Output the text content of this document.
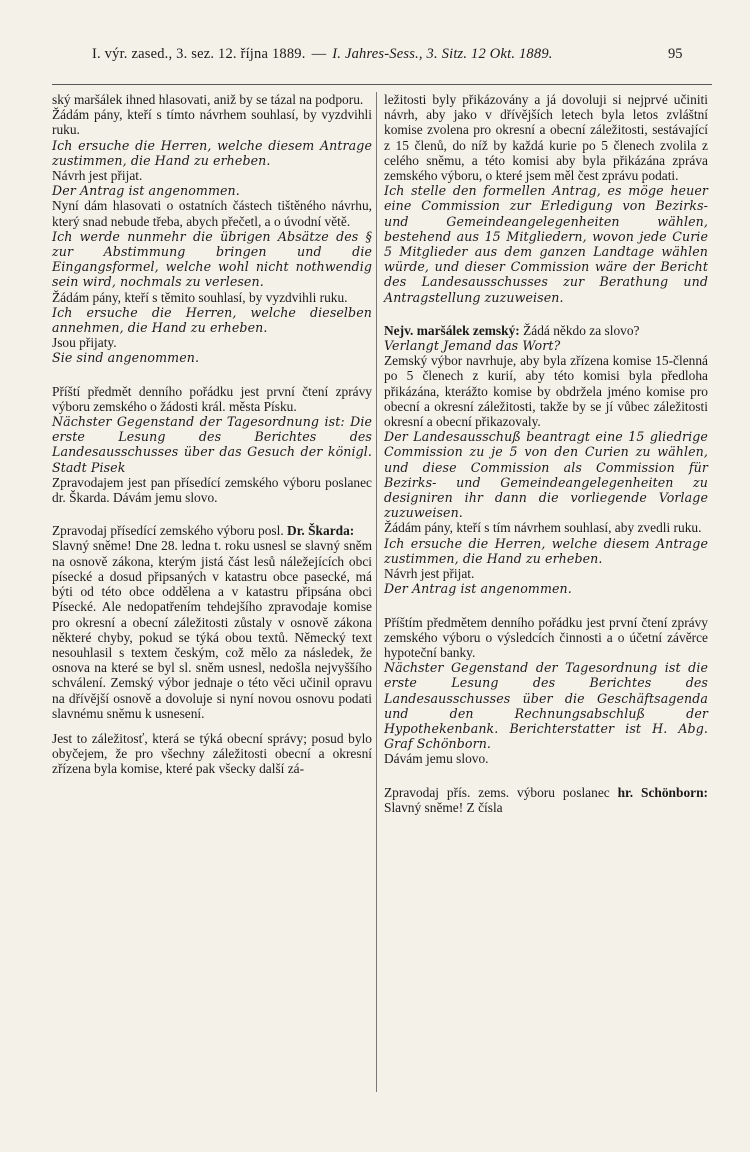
I. výr. zased., 3. sez. 12. října 1889. — I. Jahres-Sess., 3. Sitz. 12 Okt. 1889.	95

ský maršálek ihned hlasovati, aniž by se tázal na podporu.

Žádám pány, kteří s tímto návrhem souhlasí, by vyzdvihli ruku.

Ich ersuche die Herren, welche diesem Antrage zustimmen, die Hand zu erheben.

Návrh jest přijat.

Der Antrag ist angenommen.

Nyní dám hlasovati o ostatních částech tištěného návrhu, který snad nebude třeba, abych přečetl, a o úvodní větě.

Ich werde nunmehr die übrigen Absätze des § zur Abstimmung bringen und die Eingangsformel, welche wohl nicht nothwendig sein wird, nochmals zu verlesen.

Žádám pány, kteří s těmito souhlasí, by vyzdvihli ruku.

Ich ersuche die Herren, welche dieselben annehmen, die Hand zu erheben.

Jsou přijaty.

Sie sind angenommen.

Příští předmět denního pořádku jest první čtení zprávy výboru zemského o žádosti král. města Písku.

Nächster Gegenstand der Tagesordnung ist: Die erste Lesung des Berichtes des Landesausschusses über das Gesuch der königl. Stadt Pisek

Zpravodajem jest pan přísedící zemského výboru poslanec dr. Škarda. Dávám jemu slovo.

Zpravodaj přísedící zemského výboru posl. Dr. Škarda:

Slavný sněme! Dne 28. ledna t. roku usnesl se slavný sněm na osnově zákona, kterým jistá část lesů náležejících obci písecké a dosud připsaných v katastru obce pasecké, má býti od této obce oddělena a v katastru připsána obci Písecké. Ale nedopatřením tehdejšího zpravodaje komise pro okresní a obecní záležitosti zůstaly v osnově zákona některé chyby, pokud se týká obou textů. Německý text nesouhlasil s textem českým, což mělo za následek, že osnova na které se byl sl. sněm usnesl, nedošla nejvyššího schválení. Zemský výbor jednaje o této věci učinil opravu na dřívější osnově a dovoluje si nyní novou osnovu podati slavnému sněmu k usnesení.

Jest to záležitosť, která se týká obecní správy; posud bylo obyčejem, že pro všechny záležitosti obecní a okresní zřízena byla komise, které pak všecky další zá-

ležitosti byly přikázovány a já dovoluji si nejprvé učiniti návrh, aby jako v dřívějších letech byla letos zvláštní komise zvolena pro okresní a obecní záležitosti, sestávající z 15 členů, do níž by každá kurie po 5 členech zvolila z celého sněmu, a této komisi aby byla přikázána zpráva zemského výboru, o které jsem měl čest zprávu podati.

Ich stelle den formellen Antrag, es möge heuer eine Commission zur Erledigung von Bezirks- und Gemeindeangelegenheiten wählen, bestehend aus 15 Mitgliedern, wovon jede Curie 5 Mitglieder aus dem ganzen Landtage wählen würde, und dieser Commission wäre der Bericht des Landesausschusses zur Berathung und Antragstellung zuzuweisen.

Nejv. maršálek zemský: Žádá někdo za slovo?

Verlangt Jemand das Wort?

Zemský výbor navrhuje, aby byla zřízena komise 15-členná po 5 členech z kurií, aby této komisi byla předloha přikázána, kterážto komise by obdržela jméno komise pro obecní a okresní záležitosti, takže by se jí vůbec záležitosti okresní a obecní přikazovaly.

Der Landesausschuß beantragt eine 15 gliedrige Commission zu je 5 von den Curien zu wählen, und diese Commission als Commission für Bezirks- und Gemeindeangelegenheiten zu designiren ihr dann die vorliegende Vorlage zuzuweisen.

Žádám pány, kteří s tím návrhem souhlasí, aby zvedli ruku.

Ich ersuche die Herren, welche diesem Antrage zustimmen, die Hand zu erheben.

Návrh jest přijat.

Der Antrag ist angenommen.

Příštím předmětem denního pořádku jest první čtení zprávy zemského výboru o výsledcích činnosti a o účetní závěrce hypoteční banky.

Nächster Gegenstand der Tagesordnung ist die erste Lesung des Berichtes des Landesausschusses über die Geschäftsagenda und den Rechnungsabschluß der Hypothekenbank. Berichterstatter ist H. Abg. Graf Schönborn.

Dávám jemu slovo.

Zpravodaj přís. zems. výboru poslanec hr. Schönborn: Slavný sněme! Z čísla
